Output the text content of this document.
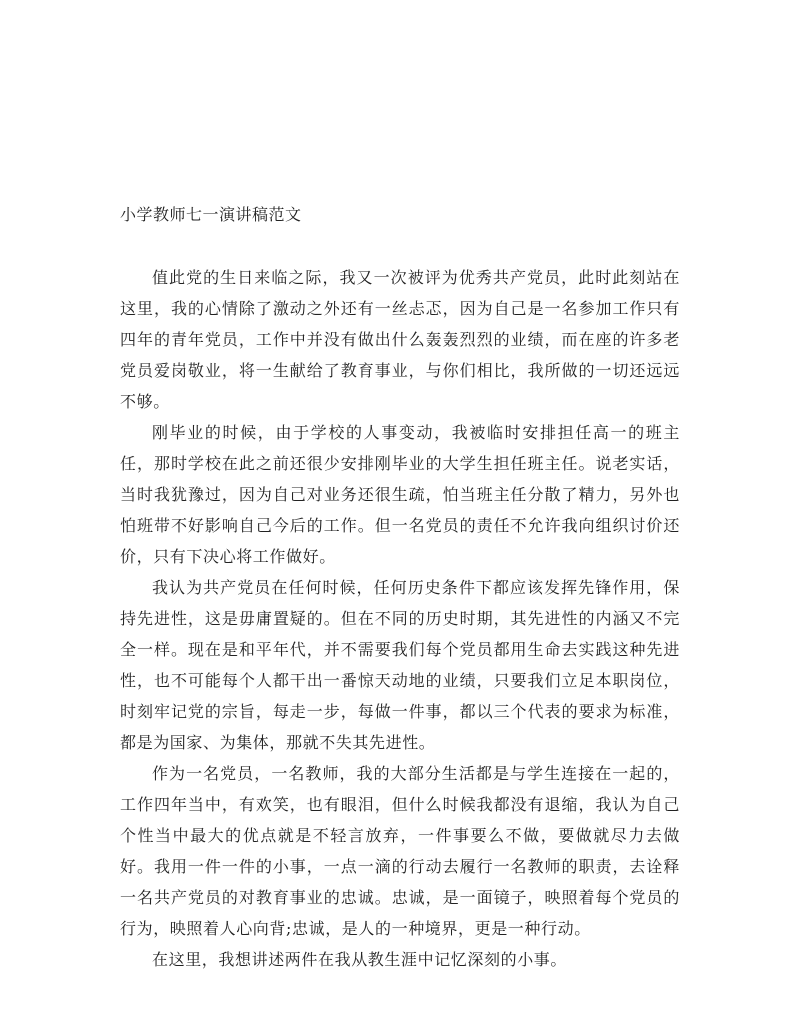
小学教师七一演讲稿范文

值此党的生日来临之际，我又一次被评为优秀共产党员，此时此刻站在这里，我的心情除了激动之外还有一丝忐忑，因为自己是一名参加工作只有四年的青年党员，工作中并没有做出什么轰轰烈烈的业绩，而在座的许多老党员爱岗敬业，将一生献给了教育事业，与你们相比，我所做的一切还远远不够。

刚毕业的时候，由于学校的人事变动，我被临时安排担任高一的班主任，那时学校在此之前还很少安排刚毕业的大学生担任班主任。说老实话，当时我犹豫过，因为自己对业务还很生疏，怕当班主任分散了精力，另外也怕班带不好影响自己今后的工作。但一名党员的责任不允许我向组织讨价还价，只有下决心将工作做好。

我认为共产党员在任何时候，任何历史条件下都应该发挥先锋作用，保持先进性，这是毋庸置疑的。但在不同的历史时期，其先进性的内涵又不完全一样。现在是和平年代，并不需要我们每个党员都用生命去实践这种先进性，也不可能每个人都干出一番惊天动地的业绩，只要我们立足本职岗位，时刻牢记党的宗旨，每走一步，每做一件事，都以三个代表的要求为标准，都是为国家、为集体，那就不失其先进性。

作为一名党员，一名教师，我的大部分生活都是与学生连接在一起的，工作四年当中，有欢笑，也有眼泪，但什么时候我都没有退缩，我认为自己个性当中最大的优点就是不轻言放弃，一件事要么不做，要做就尽力去做好。我用一件一件的小事，一点一滴的行动去履行一名教师的职责，去诠释一名共产党员的对教育事业的忠诚。忠诚，是一面镜子，映照着每个党员的行为，映照着人心向背;忠诚，是人的一种境界，更是一种行动。

在这里，我想讲述两件在我从教生涯中记忆深刻的小事。
